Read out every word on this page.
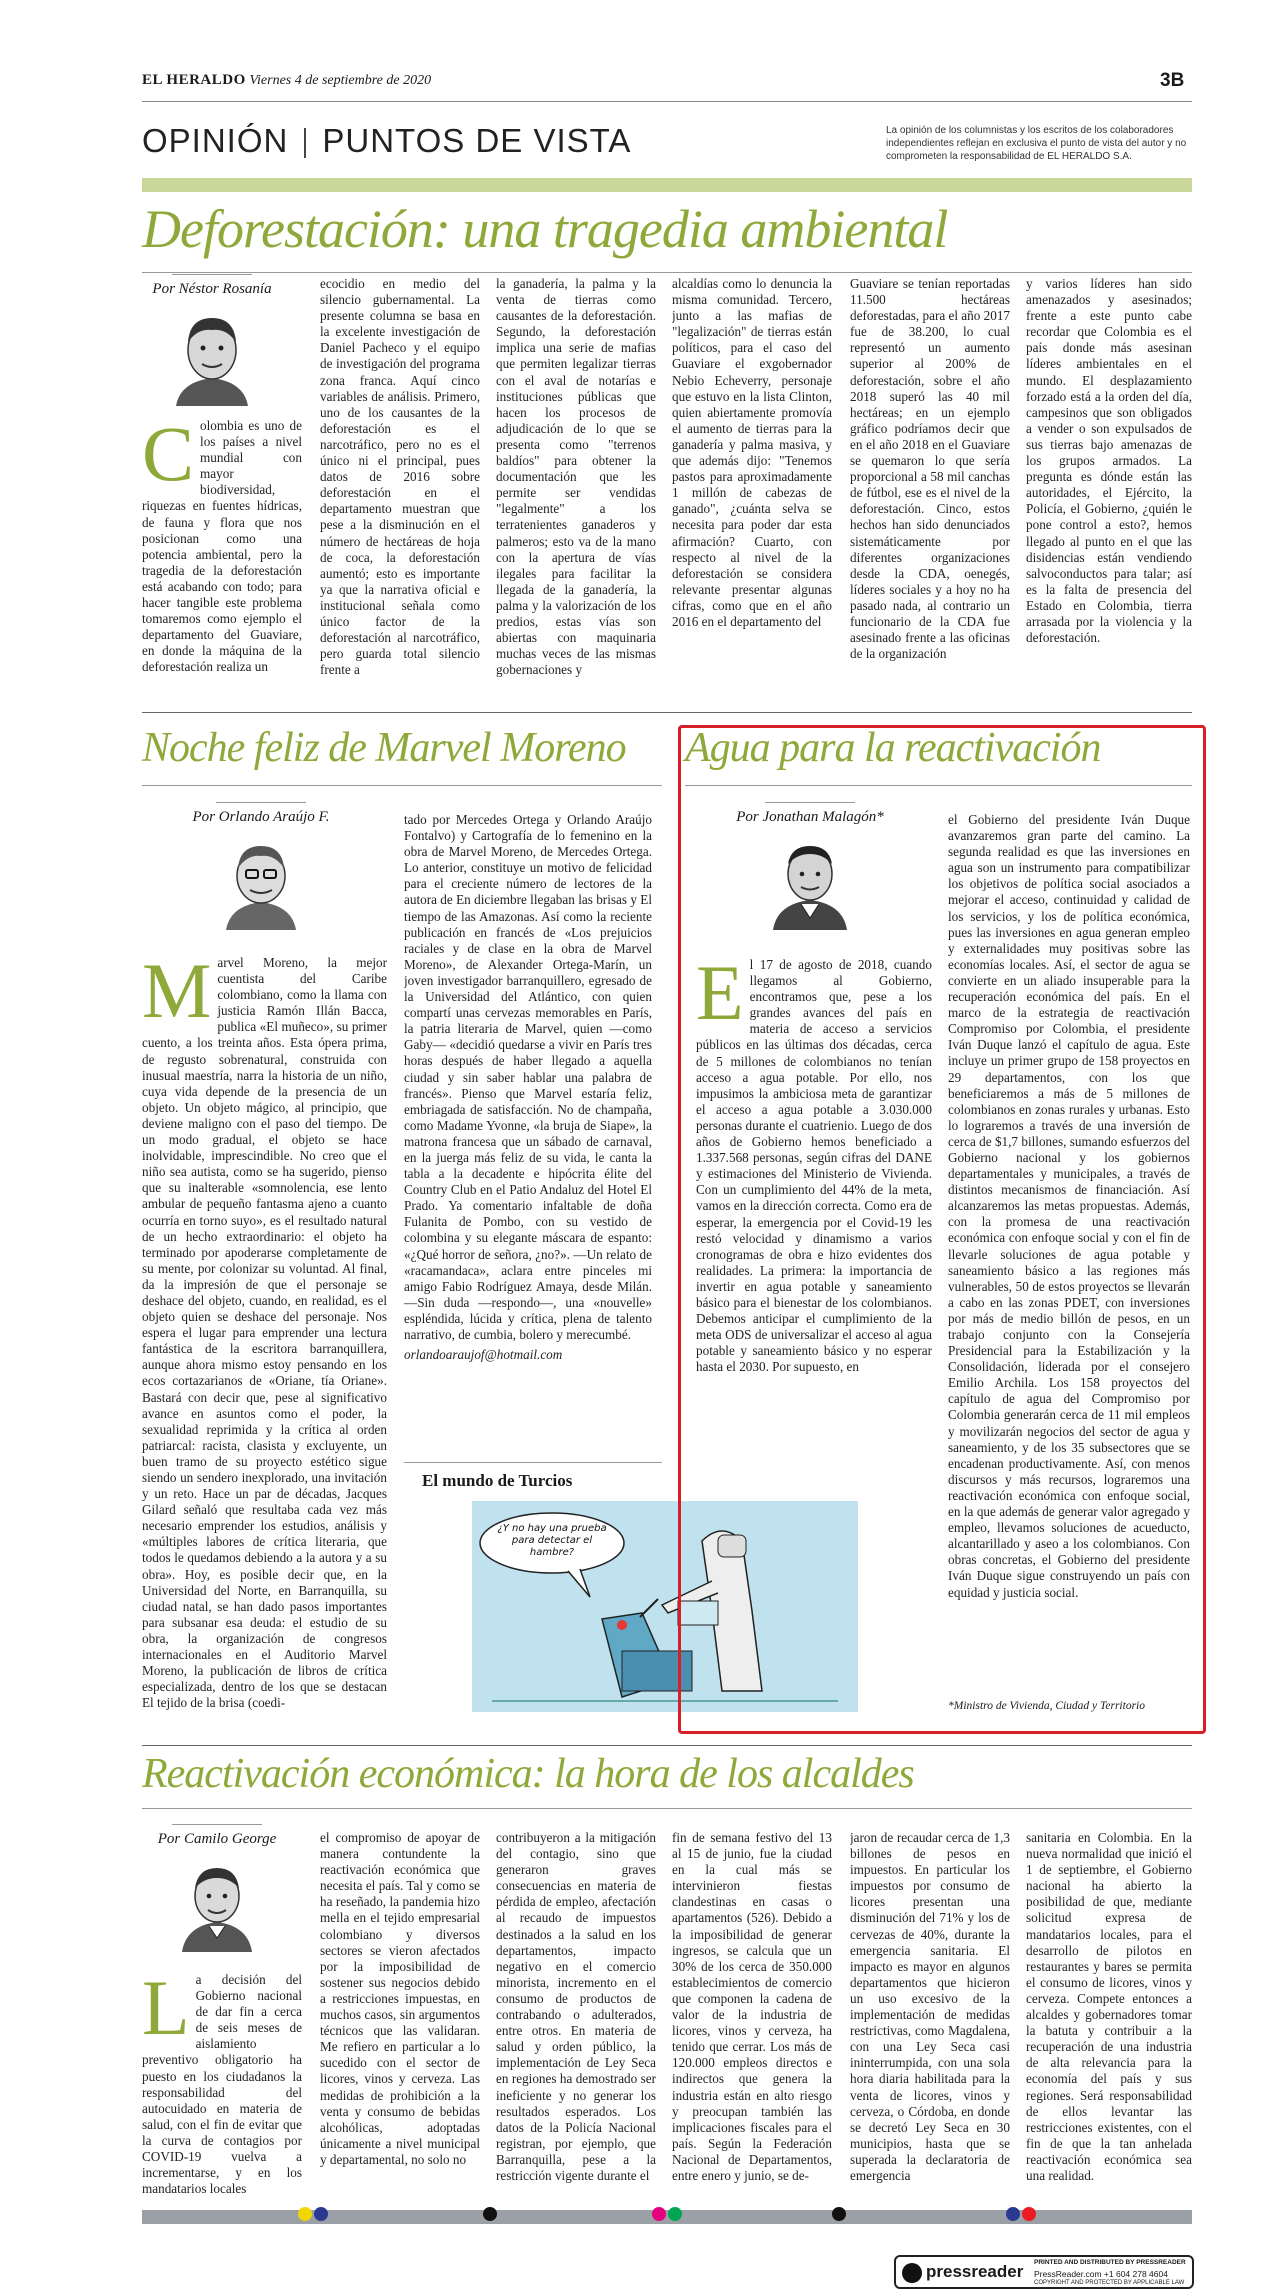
EL HERALDO Viernes 4 de septiembre de 2020	3B
OPINIÓN PUNTOS DE VISTA	La opinión de los columnistas y los escritos de los colaboradores independientes reflejan en exclusiva el punto de vista del autor y no comprometen la responsabilidad de EL HERALDO S.A.
Deforestación: una tragedia ambiental
Por Néstor Rosanía
Colombia es uno de los países a nivel mundial con mayor biodiversidad, riquezas en fuentes hídricas, de fauna y flora que nos posicionan como una potencia ambiental, pero la tragedia de la deforestación está acabando con todo; para hacer tangible este problema tomaremos como ejemplo el departamento del Guaviare, en donde la máquina de la deforestación realiza un
ecocidio en medio del silencio gubernamental. La presente columna se basa en la excelente investigación de Daniel Pacheco y el equipo de investigación del programa zona franca. Aquí cinco variables de análisis. Primero, uno de los causantes de la deforestación es el narcotráfico, pero no es el único ni el principal, pues datos de 2016 sobre deforestación en el departamento muestran que pese a la disminución en el número de hectáreas de hoja de coca, la deforestación aumentó; esto es importante ya que la narrativa oficial e institucional señala como único factor de la deforestación al narcotráfico, pero guarda total silencio frente a
la ganadería, la palma y la venta de tierras como causantes de la deforestación. Segundo, la deforestación implica una serie de mafias que permiten legalizar tierras con el aval de notarías e instituciones públicas que hacen los procesos de adjudicación de lo que se presenta como "terrenos baldíos" para obtener la documentación que les permite ser vendidas "legalmente" a los terratenientes ganaderos y palmeros; esto va de la mano con la apertura de vías ilegales para facilitar la llegada de la ganadería, la palma y la valorización de los predios, estas vías son abiertas con maquinaria muchas veces de las mismas gobernaciones y
alcaldías como lo denuncia la misma comunidad. Tercero, junto a las mafias de "legalización" de tierras están políticos, para el caso del Guaviare el exgobernador Nebio Echeverry, personaje que estuvo en la lista Clinton, quien abiertamente promovía el aumento de tierras para la ganadería y palma masiva, y que además dijo: "Tenemos pastos para aproximadamente 1 millón de cabezas de ganado", ¿cuánta selva se necesita para poder dar esta afirmación? Cuarto, con respecto al nivel de la deforestación se considera relevante presentar algunas cifras, como que en el año 2016 en el departamento del
Guaviare se tenían reportadas 11.500 hectáreas deforestadas, para el año 2017 fue de 38.200, lo cual representó un aumento superior al 200% de deforestación, sobre el año 2018 superó las 40 mil hectáreas; en un ejemplo gráfico podríamos decir que en el año 2018 en el Guaviare se quemaron lo que sería proporcional a 58 mil canchas de fútbol, ese es el nivel de la deforestación. Cinco, estos hechos han sido denunciados sistemáticamente por diferentes organizaciones desde la CDA, oenegés, líderes sociales y a hoy no ha pasado nada, al contrario un funcionario de la CDA fue asesinado frente a las oficinas de la organización
y varios líderes han sido amenazados y asesinados; frente a este punto cabe recordar que Colombia es el país donde más asesinan líderes ambientales en el mundo. El desplazamiento forzado está a la orden del día, campesinos que son obligados a vender o son expulsados de sus tierras bajo amenazas de los grupos armados. La pregunta es dónde están las autoridades, el Ejército, la Policía, el Gobierno, ¿quién le pone control a esto?, hemos llegado al punto en el que las disidencias están vendiendo salvoconductos para talar; así es la falta de presencia del Estado en Colombia, tierra arrasada por la violencia y la deforestación.
Noche feliz de Marvel Moreno
Por Orlando Araújo F.
Marvel Moreno, la mejor cuentista del Caribe colombiano, como la llama con justicia Ramón Illán Bacca, publica «El muñeco», su primer cuento, a los treinta años. Esta ópera prima, de regusto sobrenatural, construida con inusual maestría, narra la historia de un niño, cuya vida depende de la presencia de un objeto. Un objeto mágico, al principio, que deviene maligno con el paso del tiempo. De un modo gradual, el objeto se hace inolvidable, imprescindible. No creo que el niño sea autista, como se ha sugerido, pienso que su inalterable «somnolencia, ese lento ambular de pequeño fantasma ajeno a cuanto ocurría en torno suyo», es el resultado natural de un hecho extraordinario: el objeto ha terminado por apoderarse completamente de su mente, por colonizar su voluntad. Al final, da la impresión de que el personaje se deshace del objeto, cuando, en realidad, es el objeto quien se deshace del personaje. Nos espera el lugar para emprender una lectura fantástica de la escritora barranquillera, aunque ahora mismo estoy pensando en los ecos cortazarianos de «Oriane, tía Oriane». Bastará con decir que, pese al significativo avance en asuntos como el poder, la sexualidad reprimida y la crítica al orden patriarcal: racista, clasista y excluyente, un buen tramo de su proyecto estético sigue siendo un sendero inexplorado, una invitación y un reto. Hace un par de décadas, Jacques Gilard señaló que resultaba cada vez más necesario emprender los estudios, análisis y «múltiples labores de crítica literaria, que todos le quedamos debiendo a la autora y a su obra». Hoy, es posible decir que, en la Universidad del Norte, en Barranquilla, su ciudad natal, se han dado pasos importantes para subsanar esa deuda: el estudio de su obra, la organización de congresos internacionales en el Auditorio Marvel Moreno, la publicación de libros de crítica especializada, dentro de los que se destacan El tejido de la brisa (coedi-
tado por Mercedes Ortega y Orlando Araújo Fontalvo) y Cartografía de lo femenino en la obra de Marvel Moreno, de Mercedes Ortega. Lo anterior, constituye un motivo de felicidad para el creciente número de lectores de la autora de En diciembre llegaban las brisas y El tiempo de las Amazonas. Así como la reciente publicación en francés de «Los prejuicios raciales y de clase en la obra de Marvel Moreno», de Alexander Ortega-Marín, un joven investigador barranquillero, egresado de la Universidad del Atlántico, con quien compartí unas cervezas memorables en París, la patria literaria de Marvel, quien —como Gaby— «decidió quedarse a vivir en París tres horas después de haber llegado a aquella ciudad y sin saber hablar una palabra de francés». Pienso que Marvel estaría feliz, embriagada de satisfacción. No de champaña, como Madame Yvonne, «la bruja de Siape», la matrona francesa que un sábado de carnaval, en la juerga más feliz de su vida, le canta la tabla a la decadente e hipócrita élite del Country Club en el Patio Andaluz del Hotel El Prado. Ya comentario infaltable de doña Fulanita de Pombo, con su vestido de colombina y su elegante máscara de espanto: «¿Qué horror de señora, ¿no?». —Un relato de «racamandaca», aclara entre pinceles mi amigo Fabio Rodríguez Amaya, desde Milán. —Sin duda —respondo—, una «nouvelle» espléndida, lúcida y crítica, plena de talento narrativo, de cumbia, bolero y merecumbé.
orlandoaraujof@hotmail.com
El mundo de Turcios
¿Y no hay una prueba para detectar el hambre?
Agua para la reactivación
Por Jonathan Malagón*
El 17 de agosto de 2018, cuando llegamos al Gobierno, encontramos que, pese a los grandes avances del país en materia de acceso a servicios públicos en las últimas dos décadas, cerca de 5 millones de colombianos no tenían acceso a agua potable. Por ello, nos impusimos la ambiciosa meta de garantizar el acceso a agua potable a 3.030.000 personas durante el cuatrienio. Luego de dos años de Gobierno hemos beneficiado a 1.337.568 personas, según cifras del DANE y estimaciones del Ministerio de Vivienda. Con un cumplimiento del 44% de la meta, vamos en la dirección correcta. Como era de esperar, la emergencia por el Covid-19 les restó velocidad y dinamismo a varios cronogramas de obra e hizo evidentes dos realidades. La primera: la importancia de invertir en agua potable y saneamiento básico para el bienestar de los colombianos. Debemos anticipar el cumplimiento de la meta ODS de universalizar el acceso al agua potable y saneamiento básico y no esperar hasta el 2030. Por supuesto, en
el Gobierno del presidente Iván Duque avanzaremos gran parte del camino. La segunda realidad es que las inversiones en agua son un instrumento para compatibilizar los objetivos de política social asociados a mejorar el acceso, continuidad y calidad de los servicios, y los de política económica, pues las inversiones en agua generan empleo y externalidades muy positivas sobre las economías locales. Así, el sector de agua se convierte en un aliado insuperable para la recuperación económica del país. En el marco de la estrategia de reactivación Compromiso por Colombia, el presidente Iván Duque lanzó el capítulo de agua. Este incluye un primer grupo de 158 proyectos en 29 departamentos, con los que beneficiaremos a más de 5 millones de colombianos en zonas rurales y urbanas. Esto lo lograremos a través de una inversión de cerca de $1,7 billones, sumando esfuerzos del Gobierno nacional y los gobiernos departamentales y municipales, a través de distintos mecanismos de financiación. Así alcanzaremos las metas propuestas. Además, con la promesa de una reactivación económica con enfoque social y con el fin de llevarle soluciones de agua potable y saneamiento básico a las regiones más vulnerables, 50 de estos proyectos se llevarán a cabo en las zonas PDET, con inversiones por más de medio billón de pesos, en un trabajo conjunto con la Consejería Presidencial para la Estabilización y la Consolidación, liderada por el consejero Emilio Archila. Los 158 proyectos del capítulo de agua del Compromiso por Colombia generarán cerca de 11 mil empleos y movilizarán negocios del sector de agua y saneamiento, y de los 35 subsectores que se encadenan productivamente. Así, con menos discursos y más recursos, lograremos una reactivación económica con enfoque social, en la que además de generar valor agregado y empleo, llevamos soluciones de acueducto, alcantarillado y aseo a los colombianos. Con obras concretas, el Gobierno del presidente Iván Duque sigue construyendo un país con equidad y justicia social.
*Ministro de Vivienda, Ciudad y Territorio
Reactivación económica: la hora de los alcaldes
Por Camilo George
La decisión del Gobierno nacional de dar fin a cerca de seis meses de aislamiento preventivo obligatorio ha puesto en los ciudadanos la responsabilidad del autocuidado en materia de salud, con el fin de evitar que la curva de contagios por COVID-19 vuelva a incrementarse, y en los mandatarios locales
el compromiso de apoyar de manera contundente la reactivación económica que necesita el país. Tal y como se ha reseñado, la pandemia hizo mella en el tejido empresarial colombiano y diversos sectores se vieron afectados por la imposibilidad de sostener sus negocios debido a restricciones impuestas, en muchos casos, sin argumentos técnicos que las validaran. Me refiero en particular a lo sucedido con el sector de licores, vinos y cerveza. Las medidas de prohibición a la venta y consumo de bebidas alcohólicas, adoptadas únicamente a nivel municipal y departamental, no solo no
contribuyeron a la mitigación del contagio, sino que generaron graves consecuencias en materia de pérdida de empleo, afectación al recaudo de impuestos destinados a la salud en los departamentos, impacto negativo en el comercio minorista, incremento en el consumo de productos de contrabando o adulterados, entre otros. En materia de salud y orden público, la implementación de Ley Seca en regiones ha demostrado ser ineficiente y no generar los resultados esperados. Los datos de la Policía Nacional registran, por ejemplo, que Barranquilla, pese a la restricción vigente durante el
fin de semana festivo del 13 al 15 de junio, fue la ciudad en la cual más se intervinieron fiestas clandestinas en casas o apartamentos (526). Debido a la imposibilidad de generar ingresos, se calcula que un 30% de los cerca de 350.000 establecimientos de comercio que componen la cadena de valor de la industria de licores, vinos y cerveza, ha tenido que cerrar. Los más de 120.000 empleos directos e indirectos que genera la industria están en alto riesgo y preocupan también las implicaciones fiscales para el país. Según la Federación Nacional de Departamentos, entre enero y junio, se de-
jaron de recaudar cerca de 1,3 billones de pesos en impuestos. En particular los impuestos por consumo de licores presentan una disminución del 71% y los de cervezas de 40%, durante la emergencia sanitaria. El impacto es mayor en algunos departamentos que hicieron un uso excesivo de la implementación de medidas restrictivas, como Magdalena, con una Ley Seca casi ininterrumpida, con una sola hora diaria habilitada para la venta de licores, vinos y cerveza, o Córdoba, en donde se decretó Ley Seca en 30 municipios, hasta que se superada la declaratoria de emergencia
sanitaria en Colombia. En la nueva normalidad que inició el 1 de septiembre, el Gobierno nacional ha abierto la posibilidad de que, mediante solicitud expresa de mandatarios locales, para el desarrollo de pilotos en restaurantes y bares se permita el consumo de licores, vinos y cerveza. Compete entonces a alcaldes y gobernadores tomar la batuta y contribuir a la recuperación de una industria de alta relevancia para la economía del país y sus regiones. Será responsabilidad de ellos levantar las restricciones existentes, con el fin de que la tan anhelada reactivación económica sea una realidad.
pressreader PRINTED AND DISTRIBUTED BY PRESSREADER
PressReader.com +1 604 278 4604
COPYRIGHT AND PROTECTED BY APPLICABLE LAW
